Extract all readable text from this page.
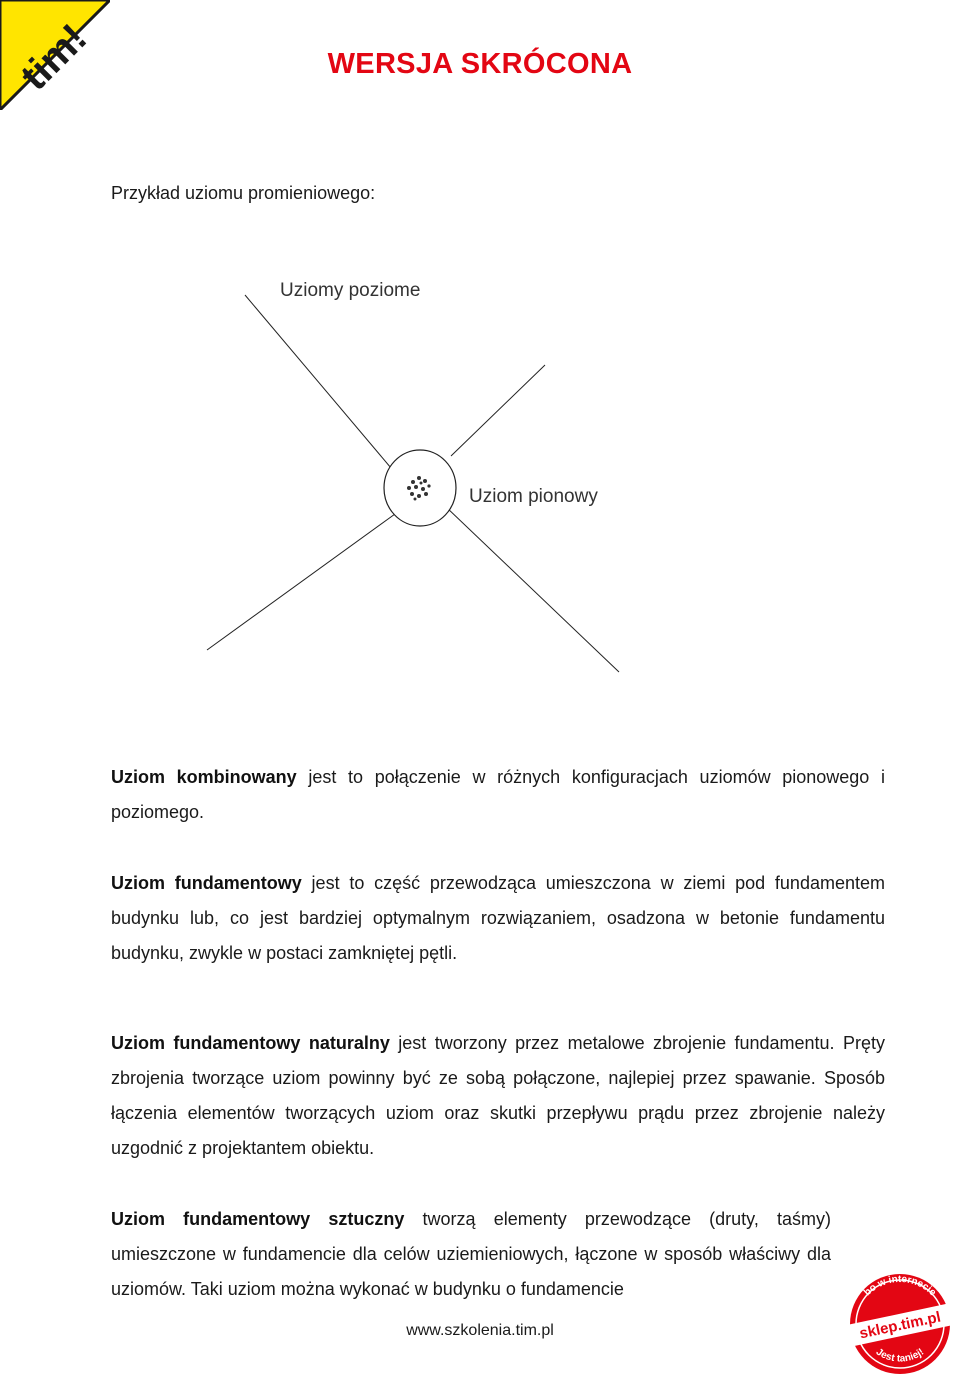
tim!	WERSJA SKRÓCONA
Przykład uziomu promieniowego:
Uziomy poziome
Uziom pionowy

Uziom kombinowany jest to połączenie w różnych konfiguracjach uziomów pionowego i poziomego.

Uziom fundamentowy jest to część przewodząca umieszczona w ziemi pod fundamentem budynku lub, co jest bardziej optymalnym rozwiązaniem, osadzona w betonie fundamentu budynku, zwykle w postaci zamkniętej pętli.

Uziom fundamentowy naturalny jest tworzony przez metalowe zbrojenie fundamentu. Pręty zbrojenia tworzące uziom powinny być ze sobą połączone, najlepiej przez spawanie. Sposób łączenia elementów tworzących uziom oraz skutki przepływu prądu przez zbrojenie należy uzgodnić z projektantem obiektu.

Uziom fundamentowy sztuczny tworzą elementy przewodzące (druty, taśmy) umieszczone w fundamencie dla celów uziemieniowych, łączone w sposób właściwy dla uziomów. Taki uziom można wykonać w budynku o fundamencie

www.szkolenia.tim.pl
bo w internecie
sklep.tim.pl
Jest taniej!
